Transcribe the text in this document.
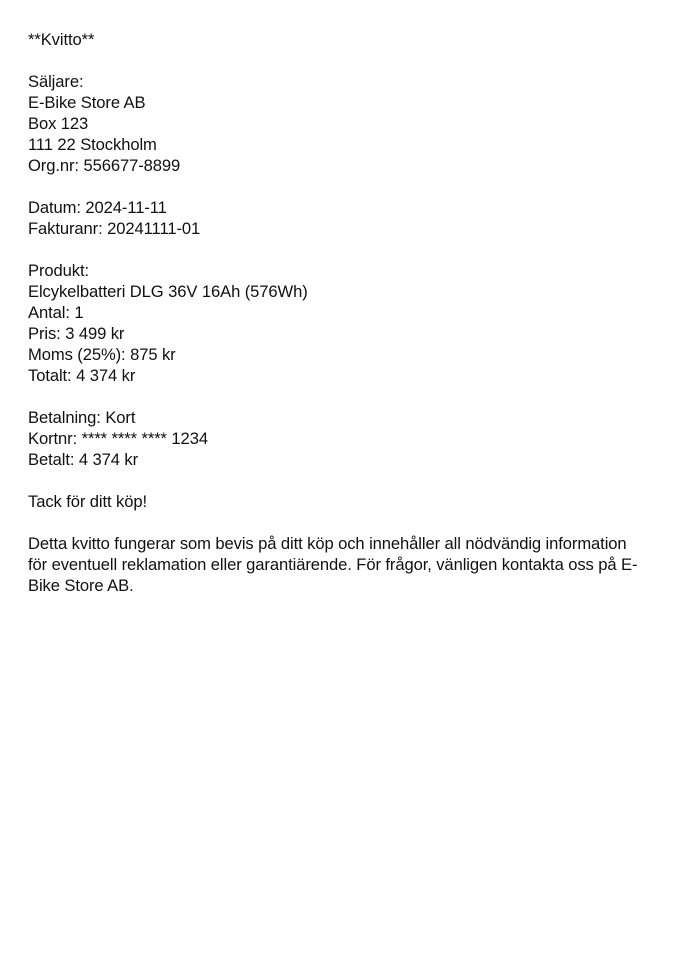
**Kvitto**
Säljare:
E-Bike Store AB
Box 123
111 22 Stockholm
Org.nr: 556677-8899
Datum: 2024-11-11
Fakturanr: 20241111-01
Produkt:
Elcykelbatteri DLG 36V 16Ah (576Wh)
Antal: 1
Pris: 3 499 kr
Moms (25%): 875 kr
Totalt: 4 374 kr
Betalning: Kort
Kortnr: **** **** **** 1234
Betalt: 4 374 kr
Tack för ditt köp!
Detta kvitto fungerar som bevis på ditt köp och innehåller all nödvändig information för eventuell reklamation eller garantiärende. För frågor, vänligen kontakta oss på E-Bike Store AB.
